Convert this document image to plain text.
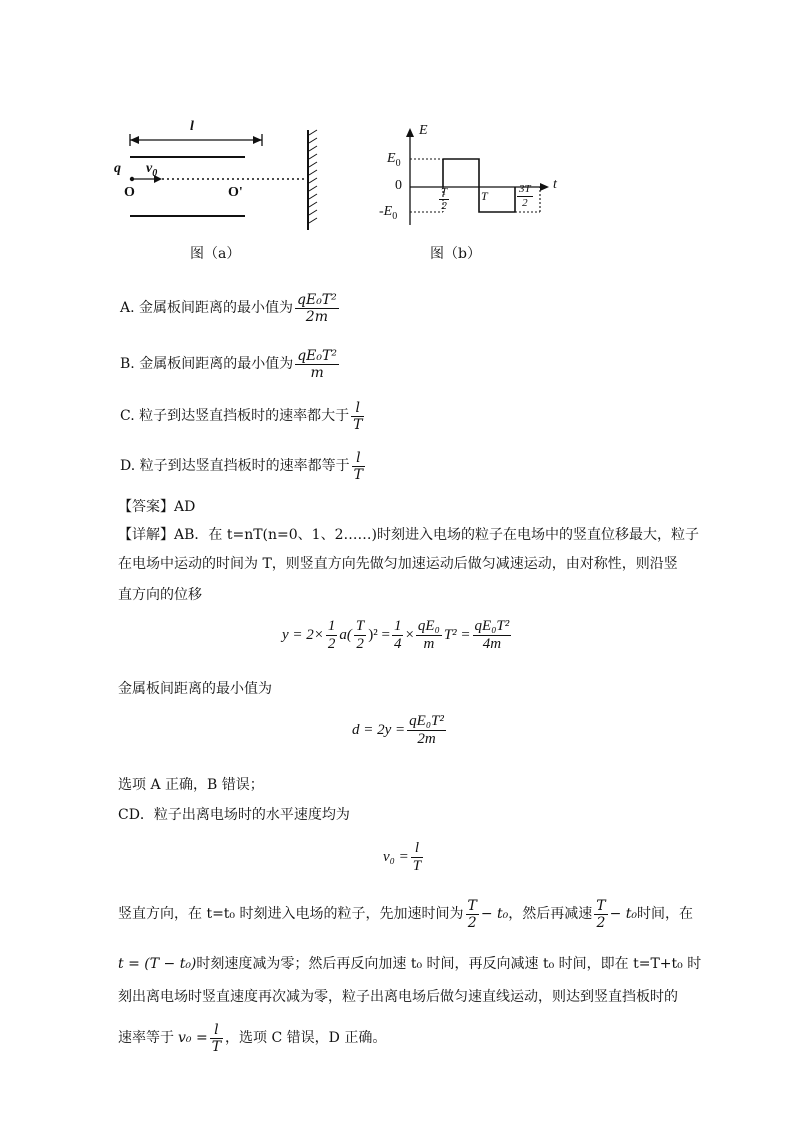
l
q $v_0$
O	O'
图（a）
E
t
$E_0$
0
$-E_0$
$\frac{T}{2}$	T	$\frac{3T}{2}$
图（b）
A. 金属板间距离的最小值为 $\frac{\text{qE₀T²}}{2m}$
B. 金属板间距离的最小值为 $\frac{\text{qE₀T²}}{m}$
C. 粒子到达竖直挡板时的速率都大于 $\frac{l}{T}$
D. 粒子到达竖直挡板时的速率都等于 $\frac{l}{T}$
【答案】AD
【详解】AB．在 t=nT(n=0、1、2……)时刻进入电场的粒子在电场中的竖直位移最大，粒子
在电场中运动的时间为 T，则竖直方向先做匀加速运动后做匀减速运动，由对称性，则沿竖
直方向的位移
$y = 2\times \frac{1}{2} a( \frac{T}{2} )^2 = \frac{1}{4} \times \frac{\text{qE₀}}{m} T^2 = \frac{\text{qE₀T²}}{4m}$
金属板间距离的最小值为
$d = 2y = \frac{\text{qE₀T²}}{2m}$
选项 A 正确，B 错误；
CD．粒子出离电场时的水平速度均为
$v_0 = \frac{l}{T}$
竖直方向，在 t=t₀ 时刻进入电场的粒子，先加速时间为 $\frac{T}{2} - t_0$ ，然后再减速 $\frac{T}{2} - t_0$ 时间，在
t = (T − t₀) 时刻速度减为零；然后再反向加速 t₀ 时间，再反向减速 t₀ 时间，即在 t=T+t₀ 时
刻出离电场时竖直速度再次减为零，粒子出离电场后做匀速直线运动，则达到竖直挡板时的
速率等于 $v_0 = \frac{l}{T}$ ，选项 C 错误，D 正确。
